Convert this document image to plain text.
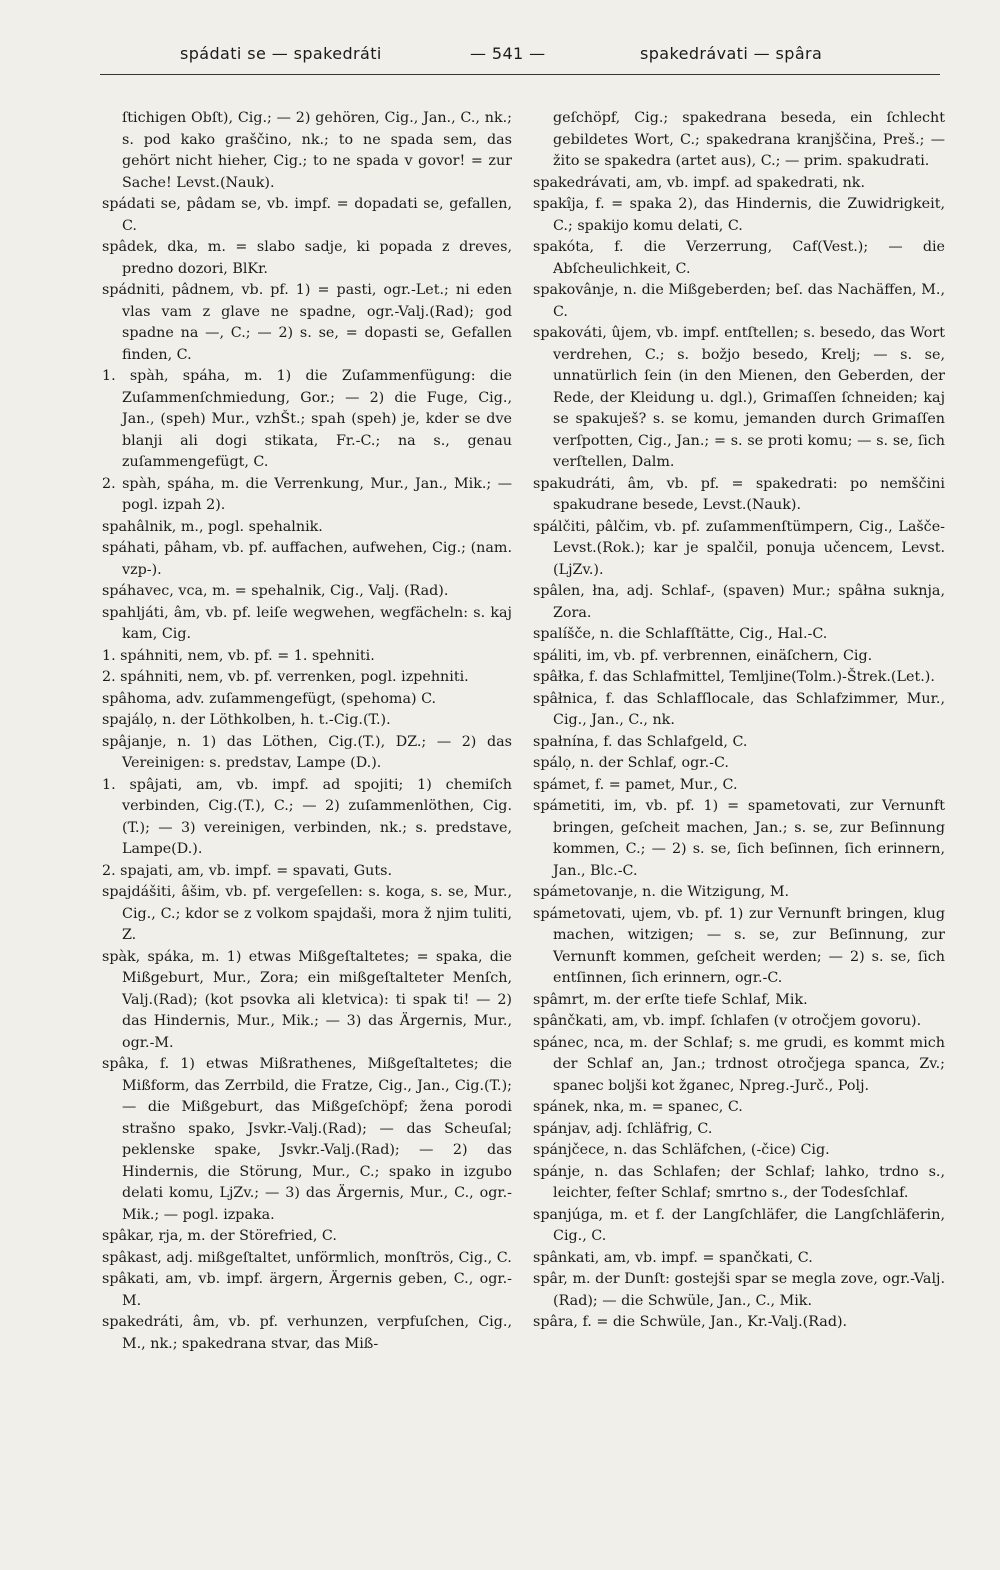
spádati se — spakedráti	— 541 —	spakedrávati — spâra

ſtichigen Obſt), Cig.; — 2) gehören, Cig., Jan., C., nk.; s. pod kako graščino, nk.; to ne spada sem, das gehört nicht hieher, Cig.; to ne spada v govor! = zur Sache! Levst.(Nauk).

spádati se, pâdam se, vb. impf. = dopadati se, gefallen, C.

spâdek, dka, m. = slabo sadje, ki popada z dreves, predno dozori, BlKr.

spádniti, pâdnem, vb. pf. 1) = pasti, ogr.-Let.; ni eden vlas vam z glave ne spadne, ogr.-Valj.(Rad); god spadne na —, C.; — 2) s. se, = dopasti se, Gefallen finden, C.

1. spàh, spáha, m. 1) die Zuſammenfügung: die Zuſammenſchmiedung, Gor.; — 2) die Fuge, Cig., Jan., (speh) Mur., vzhŠt.; spah (speh) je, kder se dve blanji ali dogi stikata, Fr.-C.; na s., genau zuſammengefügt, C.

2. spàh, spáha, m. die Verrenkung, Mur., Jan., Mik.; — pogl. izpah 2).

spahâlnik, m., pogl. spehalnik.

spáhati, pâham, vb. pf. auffachen, aufwehen, Cig.; (nam. vzp-).

spáhavec, vca, m. = spehalnik, Cig., Valj. (Rad).

spahljáti, âm, vb. pf. leiſe wegwehen, wegfächeln: s. kaj kam, Cig.

1. spáhniti, nem, vb. pf. = 1. spehniti.

2. spáhniti, nem, vb. pf. verrenken, pogl. izpehniti.

spâhoma, adv. zuſammengefügt, (spehoma) C.

spajálọ, n. der Löthkolben, h. t.-Cig.(T.).

spâjanje, n. 1) das Löthen, Cig.(T.), DZ.; — 2) das Vereinigen: s. predstav, Lampe (D.).

1. spâjati, am, vb. impf. ad spojiti; 1) chemiſch verbinden, Cig.(T.), C.; — 2) zuſammenlöthen, Cig.(T.); — 3) vereinigen, verbinden, nk.; s. predstave, Lampe(D.).

2. spajati, am, vb. impf. = spavati, Guts.

spajdášiti, âšim, vb. pf. vergeſellen: s. koga, s. se, Mur., Cig., C.; kdor se z volkom spajdaši, mora ž njim tuliti, Z.

spàk, spáka, m. 1) etwas Mißgeſtaltetes; = spaka, die Mißgeburt, Mur., Zora; ein mißgeſtalteter Menſch, Valj.(Rad); (kot psovka ali kletvica): ti spak ti! — 2) das Hindernis, Mur., Mik.; — 3) das Ärgernis, Mur., ogr.-M.

spâka, f. 1) etwas Mißrathenes, Mißgeſtaltetes; die Mißform, das Zerrbild, die Fratze, Cig., Jan., Cig.(T.); — die Mißgeburt, das Mißgeſchöpf; žena porodi strašno spako, Jsvkr.-Valj.(Rad); — das Scheuſal; peklenske spake, Jsvkr.-Valj.(Rad); — 2) das Hindernis, die Störung, Mur., C.; spako in izgubo delati komu, LjZv.; — 3) das Ärgernis, Mur., C., ogr.-Mik.; — pogl. izpaka.

spâkar, rja, m. der Störefried, C.

spâkast, adj. mißgeſtaltet, unförmlich, monſtrös, Cig., C.

spâkati, am, vb. impf. ärgern, Ärgernis geben, C., ogr.-M.

spakedráti, âm, vb. pf. verhunzen, verpfuſchen, Cig., M., nk.; spakedrana stvar, das Miß-

geſchöpf, Cig.; spakedrana beseda, ein ſchlecht gebildetes Wort, C.; spakedrana kranjščina, Preš.; — žito se spakedra (artet aus), C.; — prim. spakudrati.

spakedrávati, am, vb. impf. ad spakedrati, nk.

spakîja, f. = spaka 2), das Hindernis, die Zuwidrigkeit, C.; spakijo komu delati, C.

spakóta, f. die Verzerrung, Caf(Vest.); — die Abſcheulichkeit, C.

spakovânje, n. die Mißgeberden; beſ. das Nachäffen, M., C.

spakováti, ûjem, vb. impf. entſtellen; s. besedo, das Wort verdrehen, C.; s. božjo besedo, Krelj; — s. se, unnatürlich ſein (in den Mienen, den Geberden, der Rede, der Kleidung u. dgl.), Grimaſſen ſchneiden; kaj se spakuješ? s. se komu, jemanden durch Grimaſſen verſpotten, Cig., Jan.; = s. se proti komu; — s. se, ſich verſtellen, Dalm.

spakudráti, âm, vb. pf. = spakedrati: po nemščini spakudrane besede, Levst.(Nauk).

spálčiti, pâlčim, vb. pf. zuſammenſtümpern, Cig., Lašče-Levst.(Rok.); kar je spalčil, ponuja učencem, Levst.(LjZv.).

spâlen, łna, adj. Schlaf-, (spaven) Mur.; spâłna suknja, Zora.

spalíšče, n. die Schlafſtätte, Cig., Hal.-C.

spáliti, im, vb. pf. verbrennen, einäſchern, Cig.

spâłka, f. das Schlafmittel, Temljine(Tolm.)-Štrek.(Let.).

spâłnica, f. das Schlafſlocale, das Schlafzimmer, Mur., Cig., Jan., C., nk.

spałnína, f. das Schlafgeld, C.

spálọ, n. der Schlaf, ogr.-C.

spámet, f. = pamet, Mur., C.

spámetiti, im, vb. pf. 1) = spametovati, zur Vernunft bringen, geſcheit machen, Jan.; s. se, zur Beſinnung kommen, C.; — 2) s. se, ſich beſinnen, ſich erinnern, Jan., Blc.-C.

spámetovanje, n. die Witzigung, M.

spámetovati, ujem, vb. pf. 1) zur Vernunft bringen, klug machen, witzigen; — s. se, zur Beſinnung, zur Vernunft kommen, geſcheit werden; — 2) s. se, ſich entſinnen, ſich erinnern, ogr.-C.

spâmrt, m. der erſte tiefe Schlaf, Mik.

spânčkati, am, vb. impf. ſchlafen (v otročjem govoru).

spánec, nca, m. der Schlaf; s. me grudi, es kommt mich der Schlaf an, Jan.; trdnost otročjega spanca, Zv.; spanec boljši kot žganec, Npreg.-Jurč., Polj.

spánek, nka, m. = spanec, C.

spánjav, adj. ſchläfrig, C.

spánjčece, n. das Schläfchen, (-čice) Cig.

spánje, n. das Schlafen; der Schlaf; lahko, trdno s., leichter, feſter Schlaf; smrtno s., der Todesſchlaf.

spanjúga, m. et f. der Langſchläfer, die Langſchläferin, Cig., C.

spânkati, am, vb. impf. = spančkati, C.

spâr, m. der Dunſt: gostejši spar se megla zove, ogr.-Valj.(Rad); — die Schwüle, Jan., C., Mik.

spâra, f. = die Schwüle, Jan., Kr.-Valj.(Rad).
